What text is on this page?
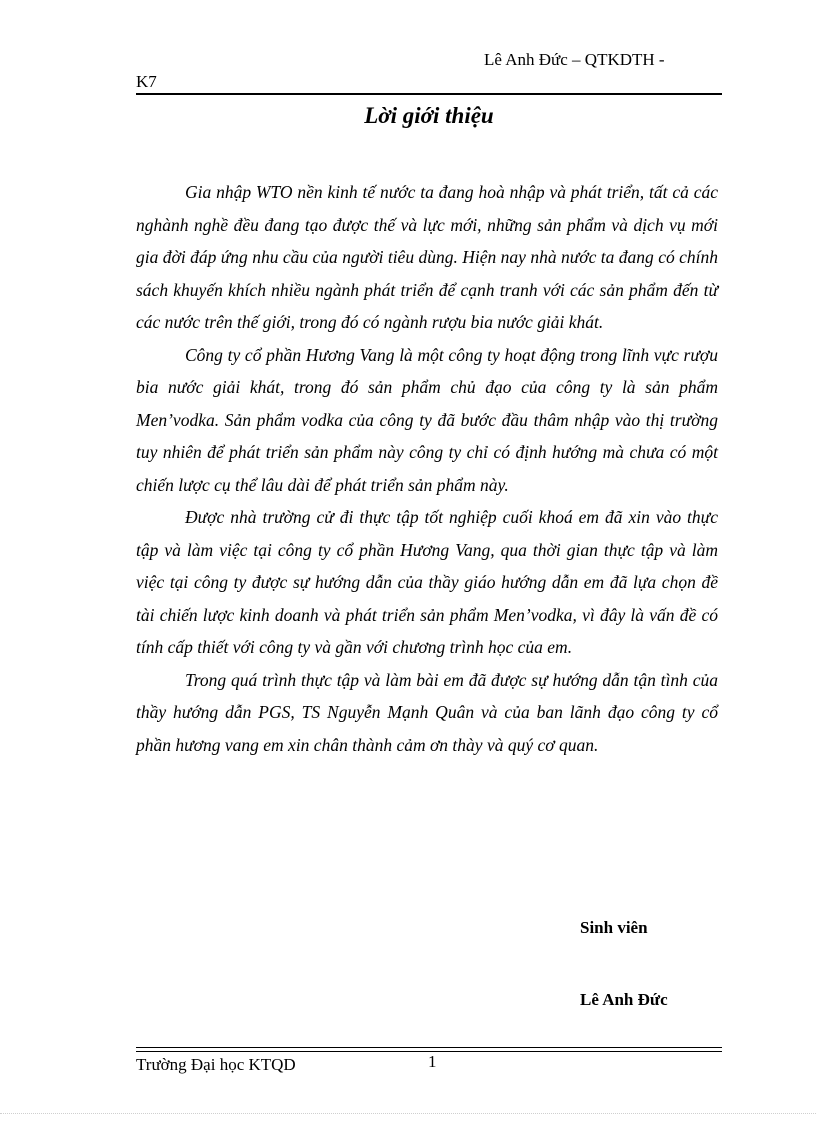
Lê Anh Đức – QTKDTH -
K7
Lời giới thiệu

Gia nhập WTO nền kinh tế nước ta đang hoà nhập và phát triển, tất cả các nghành nghề đều đang tạo được thế và lực mới, những sản phẩm và dịch vụ mới gia đời đáp ứng nhu cầu của người tiêu dùng. Hiện nay nhà nước ta đang có chính sách khuyến khích nhiều ngành phát triển để cạnh tranh với các sản phẩm đến từ các nước trên thế giới, trong đó có ngành rượu bia nước giải khát.

Công ty cổ phần Hương Vang là một công ty hoạt động trong lĩnh vực rượu bia nước giải khát, trong đó sản phẩm chủ đạo của công ty là sản phẩm Men’vodka. Sản phẩm vodka của công ty đã bước đầu thâm nhập vào thị trường tuy nhiên để phát triển sản phẩm này công ty chỉ có định hướng mà chưa có một chiến lược cụ thể lâu dài để phát triển sản phẩm này.

Được nhà trường cử đi thực tập tốt nghiệp cuối khoá em đã xin vào thực tập và làm việc tại công ty cổ phần Hương Vang, qua thời gian thực tập và làm việc tại công ty được sự hướng dẫn của thầy giáo hướng dẫn em đã lựa chọn đề tài chiến lược kinh doanh và phát triển sản phẩm Men’vodka, vì đây là vấn đề có tính cấp thiết với công ty và gần với chương trình học của em.

Trong quá trình thực tập và làm bài em đã được sự hướng dẫn tận tình của thầy hướng dẫn PGS, TS Nguyễn Mạnh Quân và của ban lãnh đạo công ty cổ phần hương vang em xin chân thành cảm ơn thày và quý cơ quan.

Sinh viên
Lê Anh Đức
Trường Đại học KTQD	1
